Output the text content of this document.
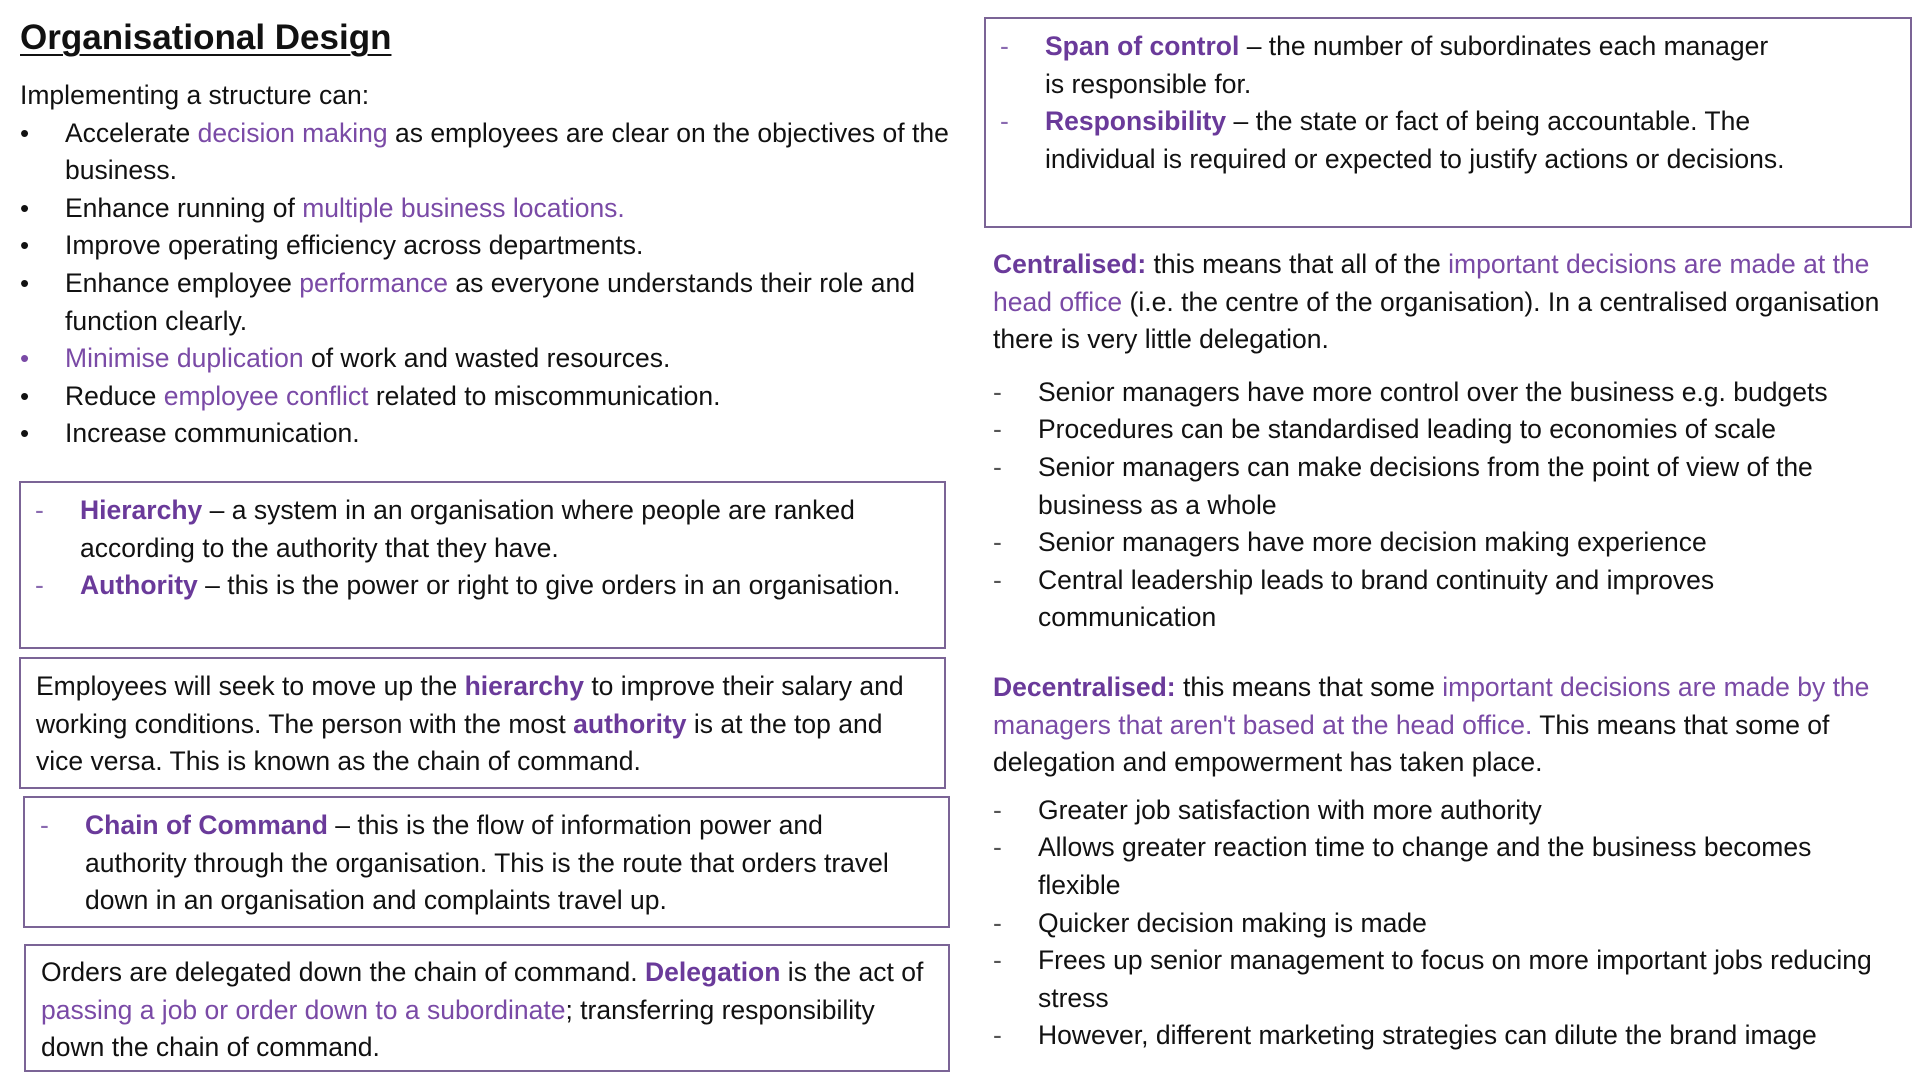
Organisational Design
Implementing a structure can:
•	Accelerate decision making as employees are clear on the objectives of the business.
•	Enhance running of multiple business locations.
•	Improve operating efficiency across departments.
•	Enhance employee performance as everyone understands their role and function clearly.
•	Minimise duplication of work and wasted resources.
•	Reduce employee conflict related to miscommunication.
•	Increase communication.
-	Hierarchy – a system in an organisation where people are ranked according to the authority that they have.
-	Authority – this is the power or right to give orders in an organisation.
Employees will seek to move up the hierarchy to improve their salary and working conditions. The person with the most authority is at the top and vice versa. This is known as the chain of command.
-	Chain of Command – this is the flow of information power and authority through the organisation. This is the route that orders travel down in an organisation and complaints travel up.
Orders are delegated down the chain of command. Delegation is the act of passing a job or order down to a subordinate; transferring responsibility down the chain of command.
-	Span of control – the number of subordinates each manager is responsible for.
-	Responsibility – the state or fact of being accountable. The individual is required or expected to justify actions or decisions.
Centralised: this means that all of the important decisions are made at the head office (i.e. the centre of the organisation). In a centralised organisation there is very little delegation.
-	Senior managers have more control over the business e.g. budgets
-	Procedures can be standardised leading to economies of scale
-	Senior managers can make decisions from the point of view of the business as a whole
-	Senior managers have more decision making experience
-	Central leadership leads to brand continuity and improves communication
Decentralised: this means that some important decisions are made by the managers that aren't based at the head office. This means that some of delegation and empowerment has taken place.
-	Greater job satisfaction with more authority
-	Allows greater reaction time to change and the business becomes flexible
-	Quicker decision making is made
-	Frees up senior management to focus on more important jobs reducing stress
-	However, different marketing strategies can dilute the brand image
